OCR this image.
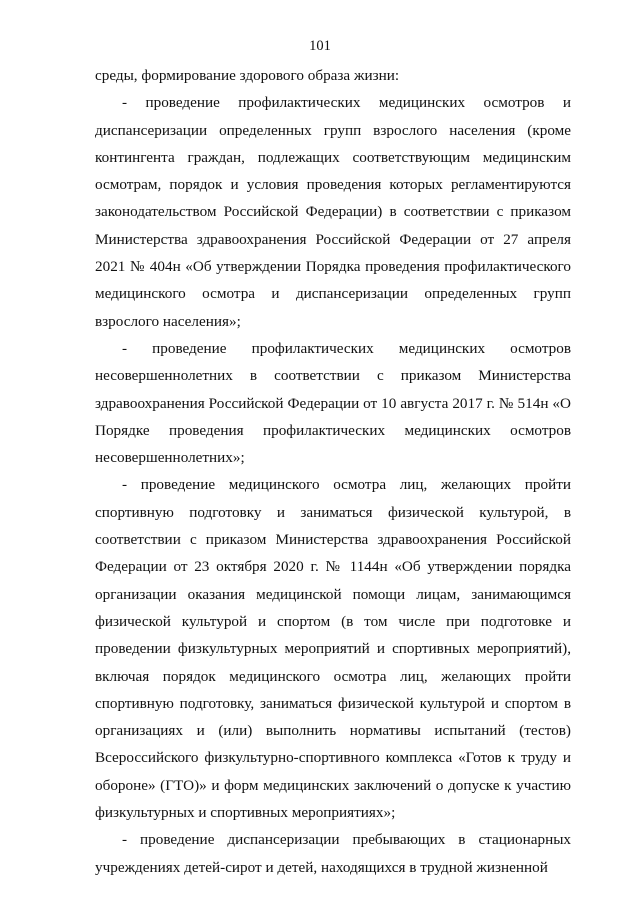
101

среды, формирование здорового образа жизни:

- проведение профилактических медицинских осмотров и диспансеризации определенных групп взрослого населения (кроме контингента граждан, подлежащих соответствующим медицинским осмотрам, порядок и условия проведения которых регламентируются законодательством Российской Федерации) в соответствии с приказом Министерства здравоохранения Российской Федерации от 27 апреля 2021 № 404н «Об утверждении Порядка проведения профилактического медицинского осмотра и диспансеризации определенных групп взрослого населения»;

- проведение профилактических медицинских осмотров несовершеннолетних в соответствии с приказом Министерства здравоохранения Российской Федерации от 10 августа 2017 г. № 514н «О Порядке проведения профилактических медицинских осмотров несовершеннолетних»;

- проведение медицинского осмотра лиц, желающих пройти спортивную подготовку и заниматься физической культурой, в соответствии с приказом Министерства здравоохранения Российской Федерации от 23 октября 2020 г. № 1144н «Об утверждении порядка организации оказания медицинской помощи лицам, занимающимся физической культурой и спортом (в том числе при подготовке и проведении физкультурных мероприятий и спортивных мероприятий), включая порядок медицинского осмотра лиц, желающих пройти спортивную подготовку, заниматься физической культурой и спортом в организациях и (или) выполнить нормативы испытаний (тестов) Всероссийского физкультурно-спортивного комплекса «Готов к труду и обороне» (ГТО)» и форм медицинских заключений о допуске к участию физкультурных и спортивных мероприятиях»;

- проведение диспансеризации пребывающих в стационарных учреждениях детей-сирот и детей, находящихся в трудной жизненной
